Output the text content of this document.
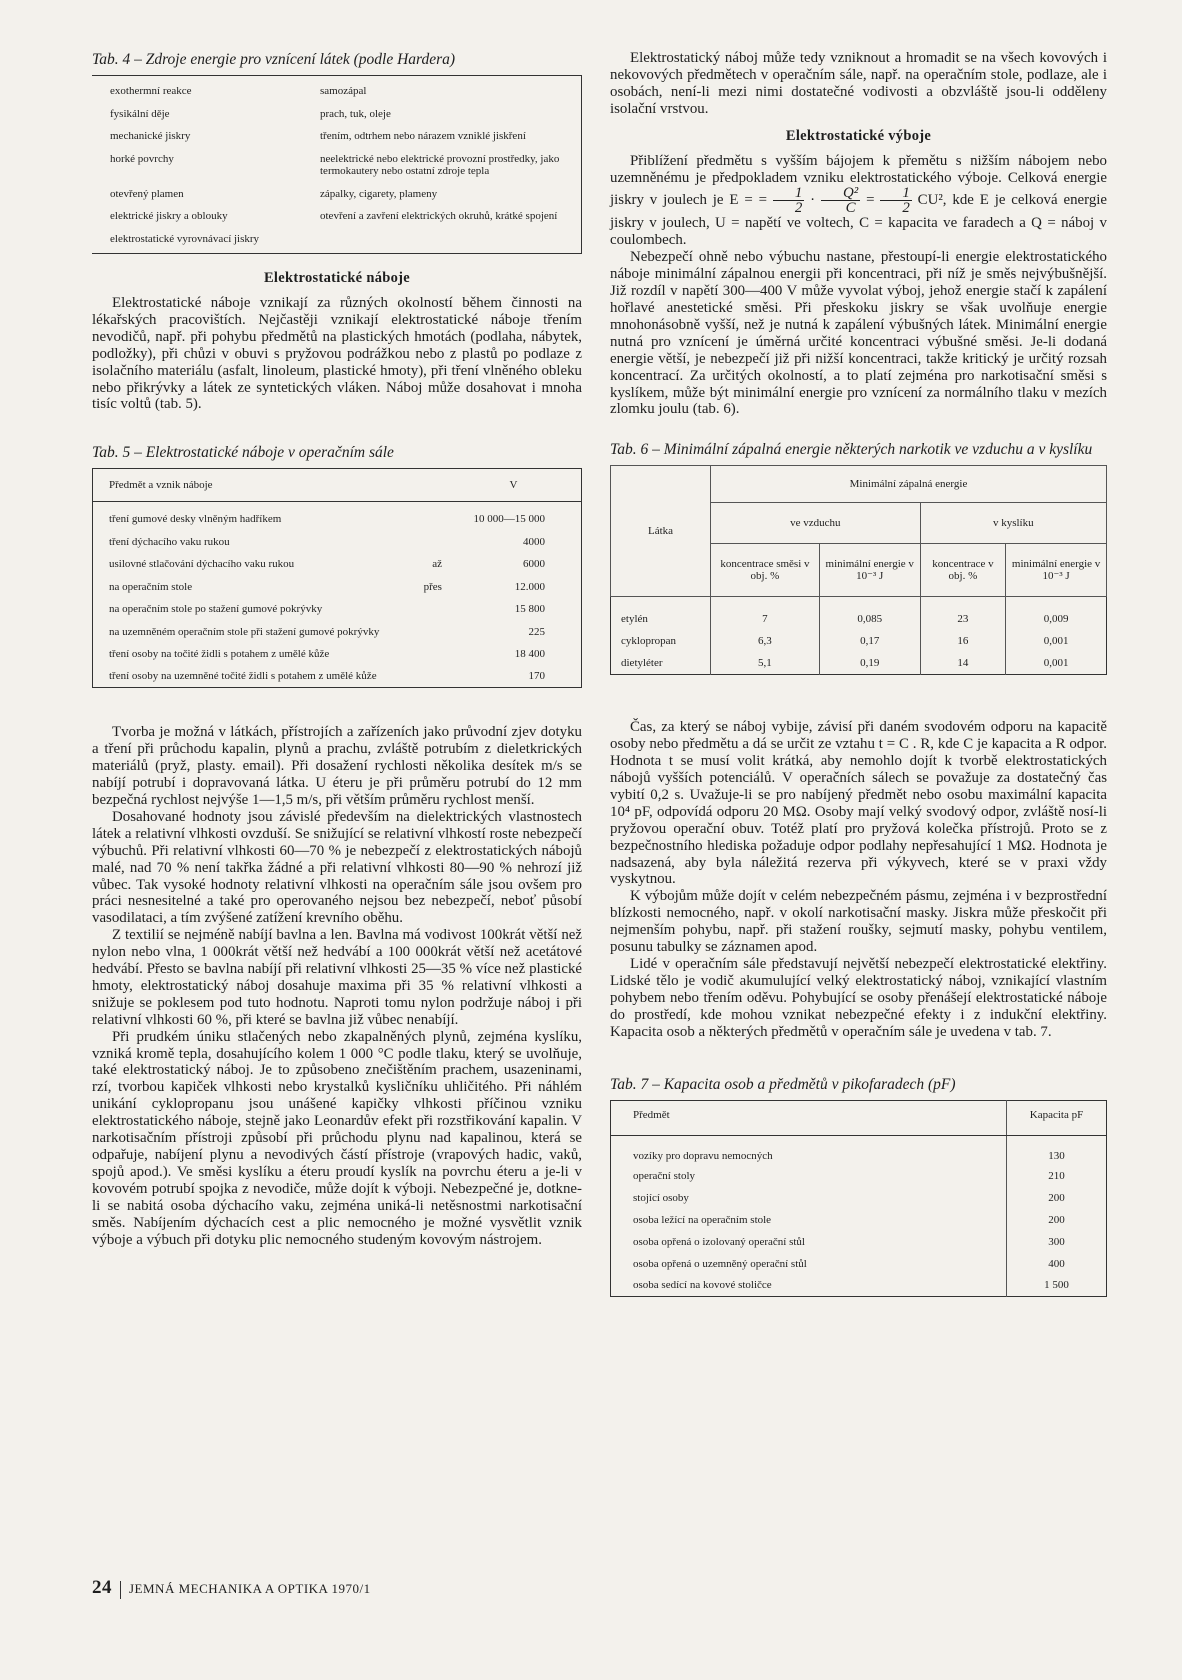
Tab. 4 – Zdroje energie pro vznícení látek (podle Hardera)
exothermní reakce	samozápal
fysikální děje	prach, tuk, oleje
mechanické jiskry	třením, odtrhem nebo nárazem vzniklé jiskření
horké povrchy	neelektrické nebo elektrické provozní prostředky, jako termokautery nebo ostatní zdroje tepla
otevřený plamen	zápalky, cigarety, plameny
elektrické jiskry a oblouky	otevření a zavření elektrických okruhů, krátké spojení
elektrostatické vyrovnávací jiskry
Elektrostatické náboje

Elektrostatické náboje vznikají za různých okolností během činnosti na lékařských pracovištích. Nejčastěji vznikají elektrostatické náboje třením nevodičů, např. při pohybu předmětů na plastických hmotách (podlaha, nábytek, podložky), při chůzi v obuvi s pryžovou podrážkou nebo z plastů po podlaze z isolačního materiálu (asfalt, linoleum, plastické hmoty), při tření vlněného obleku nebo přikrývky a látek ze syntetických vláken. Náboj může dosahovat i mnoha tisíc voltů (tab. 5).

Tab. 5 – Elektrostatické náboje v operačním sále
Předmět a vznik náboje		V
tření gumové desky vlněným hadříkem		10 000—15 000
tření dýchacího vaku rukou		4000
usilovné stlačování dýchacího vaku rukou	až	6000
na operačním stole	přes	12.000
na operačním stole po stažení gumové pokrývky		15 800
na uzemněném operačním stole při stažení gumové pokrývky		225
tření osoby na točité židli s potahem z umělé kůže		18 400
tření osoby na uzemněné točité židli s potahem z umělé kůže		170

Tvorba je možná v látkách, přístrojích a zařízeních jako průvodní zjev dotyku a tření při průchodu kapalin, plynů a prachu, zvláště potrubím z dieletkrických materiálů (pryž, plasty. email). Při dosažení rychlosti několika desítek m/s se nabíjí potrubí i dopravovaná látka. U éteru je při průměru potrubí do 12 mm bezpečná rychlost nejvýše 1—1,5 m/s, při větším průměru rychlost menší.

Dosahované hodnoty jsou závislé především na dielektrických vlastnostech látek a relativní vlhkosti ovzduší. Se snižující se relativní vlhkostí roste nebezpečí výbuchů. Při relativní vlhkosti 60—70 % je nebezpečí z elektrostatických nábojů malé, nad 70 % není takřka žádné a při relativní vlhkosti 80—90 % nehrozí již vůbec. Tak vysoké hodnoty relativní vlhkosti na operačním sále jsou ovšem pro práci nesnesitelné a také pro operovaného nejsou bez nebezpečí, neboť působí vasodilataci, a tím zvýšené zatížení krevního oběhu.

Z textilií se nejméně nabíjí bavlna a len. Bavlna má vodivost 100krát větší než nylon nebo vlna, 1 000krát větší než hedvábí a 100 000krát větší než acetátové hedvábí. Přesto se bavlna nabíjí při relativní vlhkosti 25—35 % více než plastické hmoty, elektrostatický náboj dosahuje maxima při 35 % relativní vlhkosti a snižuje se poklesem pod tuto hodnotu. Naproti tomu nylon podržuje náboj i při relativní vlhkosti 60 %, při které se bavlna již vůbec nenabíjí.

Při prudkém úniku stlačených nebo zkapalněných plynů, zejména kyslíku, vzniká kromě tepla, dosahujícího kolem 1 000 °C podle tlaku, který se uvolňuje, také elektrostatický náboj. Je to způsobeno znečištěním prachem, usazeninami, rzí, tvorbou kapiček vlhkosti nebo krystalků kysličníku uhličitého. Při náhlém unikání cyklopropanu jsou unášené kapičky vlhkosti příčinou vzniku elektrostatického náboje, stejně jako Leonardův efekt při rozstřikování kapalin. V narkotisačním přístroji způsobí při průchodu plynu nad kapalinou, která se odpařuje, nabíjení plynu a nevodivých částí přístroje (vrapových hadic, vaků, spojů apod.). Ve směsi kyslíku a éteru proudí kyslík na povrchu éteru a je-li v kovovém potrubí spojka z nevodiče, může dojít k výboji. Nebezpečné je, dotkne-li se nabitá osoba dýchacího vaku, zejména uniká-li netěsnostmi narkotisační směs. Nabíjením dýchacích cest a plic nemocného je možné vysvětlit vznik výboje a výbuch při dotyku plic nemocného studeným kovovým nástrojem.

Elektrostatický náboj může tedy vzniknout a hromadit se na všech kovových i nekovových předmětech v operačním sále, např. na operačním stole, podlaze, ale i osobách, není-li mezi nimi dostatečné vodivosti a obzvláště jsou-li odděleny isolační vrstvou.

Elektrostatické výboje

Přiblížení předmětu s vyšším bájojem k přemětu s nižším nábojem nebo uzemněnému je předpokladem vzniku elektrostatického výboje. Celková energie jiskry v joulech je E = = $\frac{1}{2} \cdot \frac{\text{Q²}}{C} = \frac{1}{2} CU^2$, kde E je celková energie jiskry v joulech, U = napětí ve voltech, C = kapacita ve faradech a Q = náboj v coulombech.

Nebezpečí ohně nebo výbuchu nastane, přestoupí-li energie elektrostatického náboje minimální zápalnou energii při koncentraci, při níž je směs nejvýbušnější. Již rozdíl v napětí 300—400 V může vyvolat výboj, jehož energie stačí k zapálení hořlavé anestetické směsi. Při přeskoku jiskry se však uvolňuje energie mnohonásobně vyšší, než je nutná k zapálení výbušných látek. Minimální energie nutná pro vznícení je úměrná určité koncentraci výbušné směsi. Je-li dodaná energie větší, je nebezpečí již při nižší koncentraci, takže kritický je určitý rozsah koncentrací. Za určitých okolností, a to platí zejména pro narkotisační směsi s kyslíkem, může být minimální energie pro vznícení za normálního tlaku v mezích zlomku joulu (tab. 6).

Tab. 6 – Minimální zápalná energie některých narkotik ve vzduchu a v kyslíku
Látka	Minimální zápalná energie			
	ve vzduchu		v kyslíku	
	koncentrace směsi v obj. %	minimální energie v 10⁻³ J	koncentrace v obj. %	minimální energie v 10⁻³ J
etylén	7	0,085	23	0,009
cyklopropan	6,3	0,17	16	0,001
dietyléter	5,1	0,19	14	0,001

Čas, za který se náboj vybije, závisí při daném svodovém odporu na kapacitě osoby nebo předmětu a dá se určit ze vztahu t = C . R, kde C je kapacita a R odpor. Hodnota t se musí volit krátká, aby nemohlo dojít k tvorbě elektrostatických nábojů vyšších potenciálů. V operačních sálech se považuje za dostatečný čas vybití 0,2 s. Uvažuje-li se pro nabíjený předmět nebo osobu maximální kapacita 10⁴ pF, odpovídá odporu 20 MΩ. Osoby mají velký svodový odpor, zvláště nosí-li pryžovou operační obuv. Totéž platí pro pryžová kolečka přístrojů. Proto se z bezpečnostního hlediska požaduje odpor podlahy nepřesahující 1 MΩ. Hodnota je nadsazená, aby byla náležitá rezerva při výkyvech, které se v praxi vždy vyskytnou.

K výbojům může dojít v celém nebezpečném pásmu, zejména i v bezprostřední blízkosti nemocného, např. v okolí narkotisační masky. Jiskra může přeskočit při nejmenším pohybu, např. při stažení roušky, sejmutí masky, pohybu ventilem, posunu tabulky se záznamen apod.

Lidé v operačním sále představují největší nebezpečí elektrostatické elektřiny. Lidské tělo je vodič akumulující velký elektrostatický náboj, vznikající vlastním pohybem nebo třením oděvu. Pohybující se osoby přenášejí elektrostatické náboje do prostředí, kde mohou vznikat nebezpečné efekty i z indukční elektřiny. Kapacita osob a některých předmětů v operačním sále je uvedena v tab. 7.

Tab. 7 – Kapacita osob a předmětů v pikofaradech (pF)
Předmět	Kapacita pF
vozíky pro dopravu nemocných	130
operační stoly	210
stojící osoby	200
osoba ležící na operačním stole	200
osoba opřená o izolovaný operační stůl	300
osoba opřená o uzemněný operační stůl	400
osoba sedící na kovové stoličce	1 500
24 JEMNÁ MECHANIKA A OPTIKA 1970/1
